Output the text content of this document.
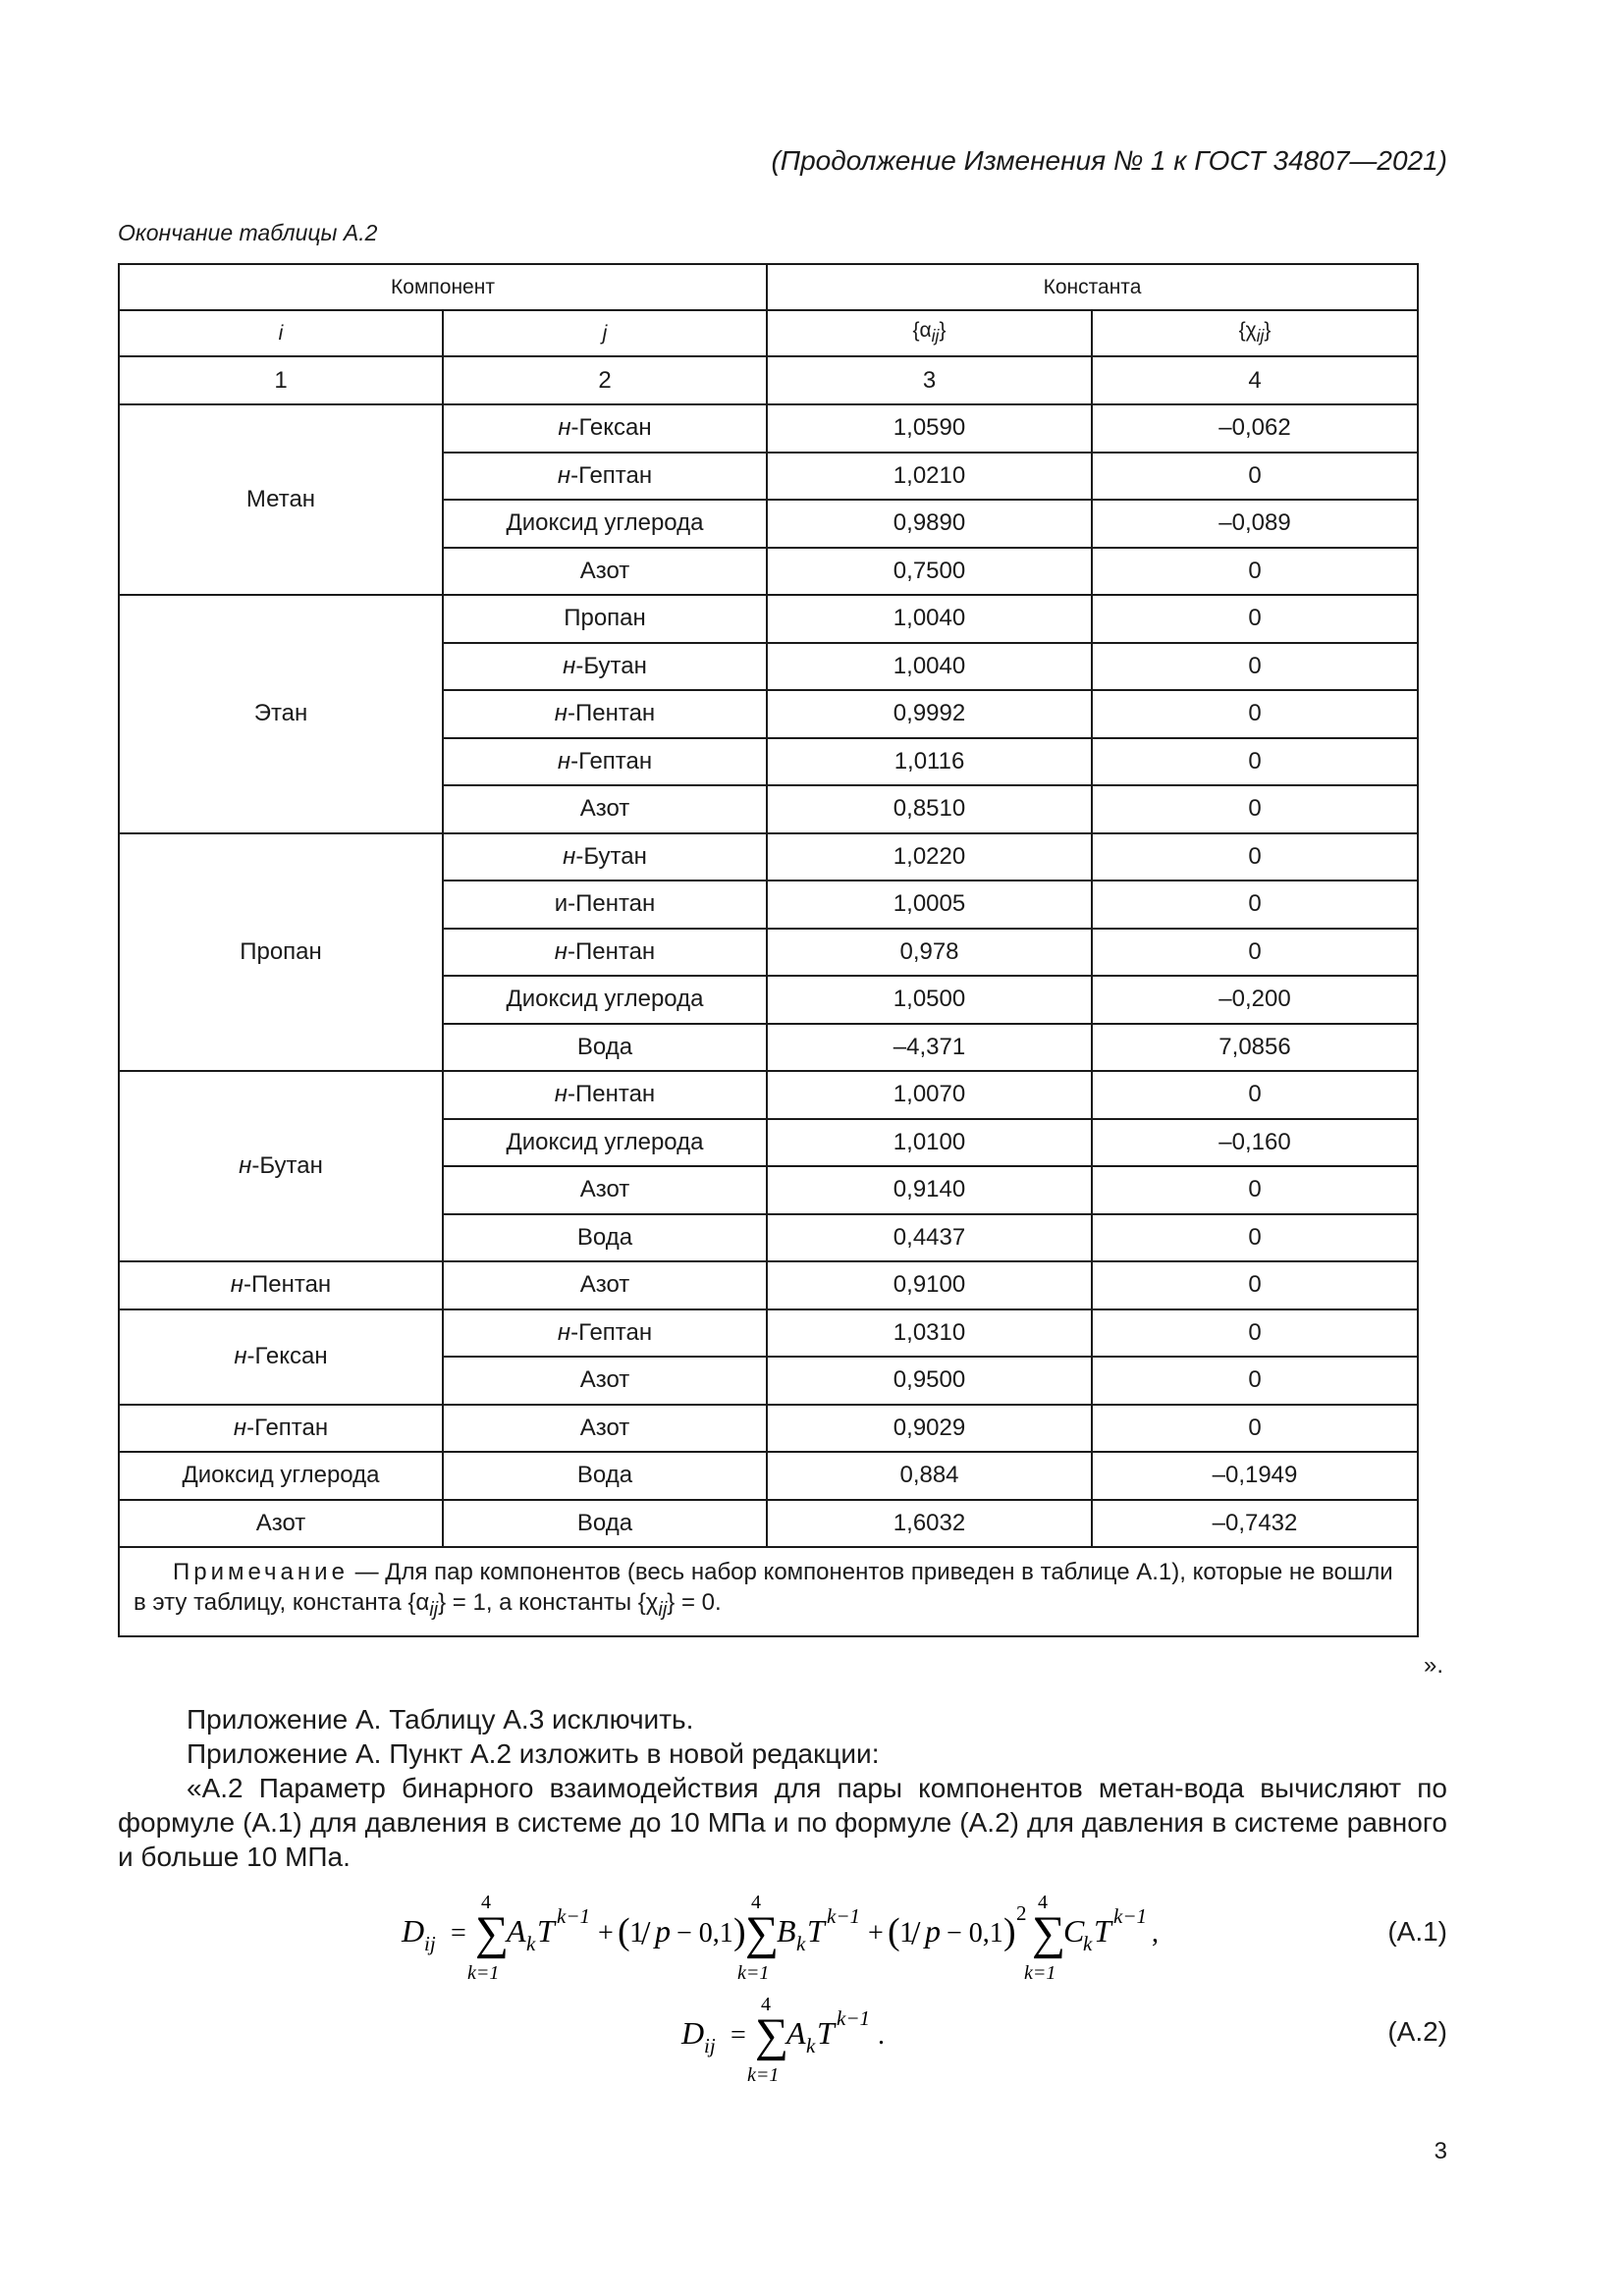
(Продолжение Изменения № 1 к ГОСТ 34807—2021)
Окончание таблицы А.2
Компонент		Константа	
i	j	$\{\alpha_{ij}\}$	$\{\chi_{ij}\}$
1	2	3	4
Метан	н-Гексан	1,0590	–0,062
	н-Гептан	1,0210	0
	Диоксид углерода	0,9890	–0,089
	Азот	0,7500	0
Этан	Пропан	1,0040	0
	н-Бутан	1,0040	0
	н-Пентан	0,9992	0
	н-Гептан	1,0116	0
	Азот	0,8510	0
Пропан	н-Бутан	1,0220	0
	и-Пентан	1,0005	0
	н-Пентан	0,978	0
	Диоксид углерода	1,0500	–0,200
	Вода	–4,371	7,0856
н-Бутан	н-Пентан	1,0070	0
	Диоксид углерода	1,0100	–0,160
	Азот	0,9140	0
	Вода	0,4437	0
н-Пентан	Азот	0,9100	0
н-Гексан	н-Гептан	1,0310	0
	Азот	0,9500	0
н-Гептан	Азот	0,9029	0
Диоксид углерода	Вода	0,884	–0,1949
Азот	Вода	1,6032	–0,7432
Примечание — Для пар компонентов (весь набор компонентов приведен в таблице А.1), которые не вошли в эту таблицу, константа $\{\alpha_{ij}\} = 1$, а константы $\{\chi_{ij}\} = 0$.			
».

Приложение А. Таблицу А.3 исключить.

Приложение А. Пункт А.2 изложить в новой редакции:

«А.2 Параметр бинарного взаимодействия для пары компонентов метан-вода вычисляют по формуле (А.1) для давления в системе до 10 МПа и по формуле (А.2) для давления в системе равного и больше 10 МПа.

D ij = ∑
4
k=1
A k T k−1
+ ( 1
/ p − 0,1 ) ∑
4
k=1
B k T k−1
+ ( 1
/ p − 0,1 ) 2 ∑
4
k=1
C
k T k−1
,	(А.1)
D ij = ∑
4
k=1
A k T k−1
.	(А.2)
3
